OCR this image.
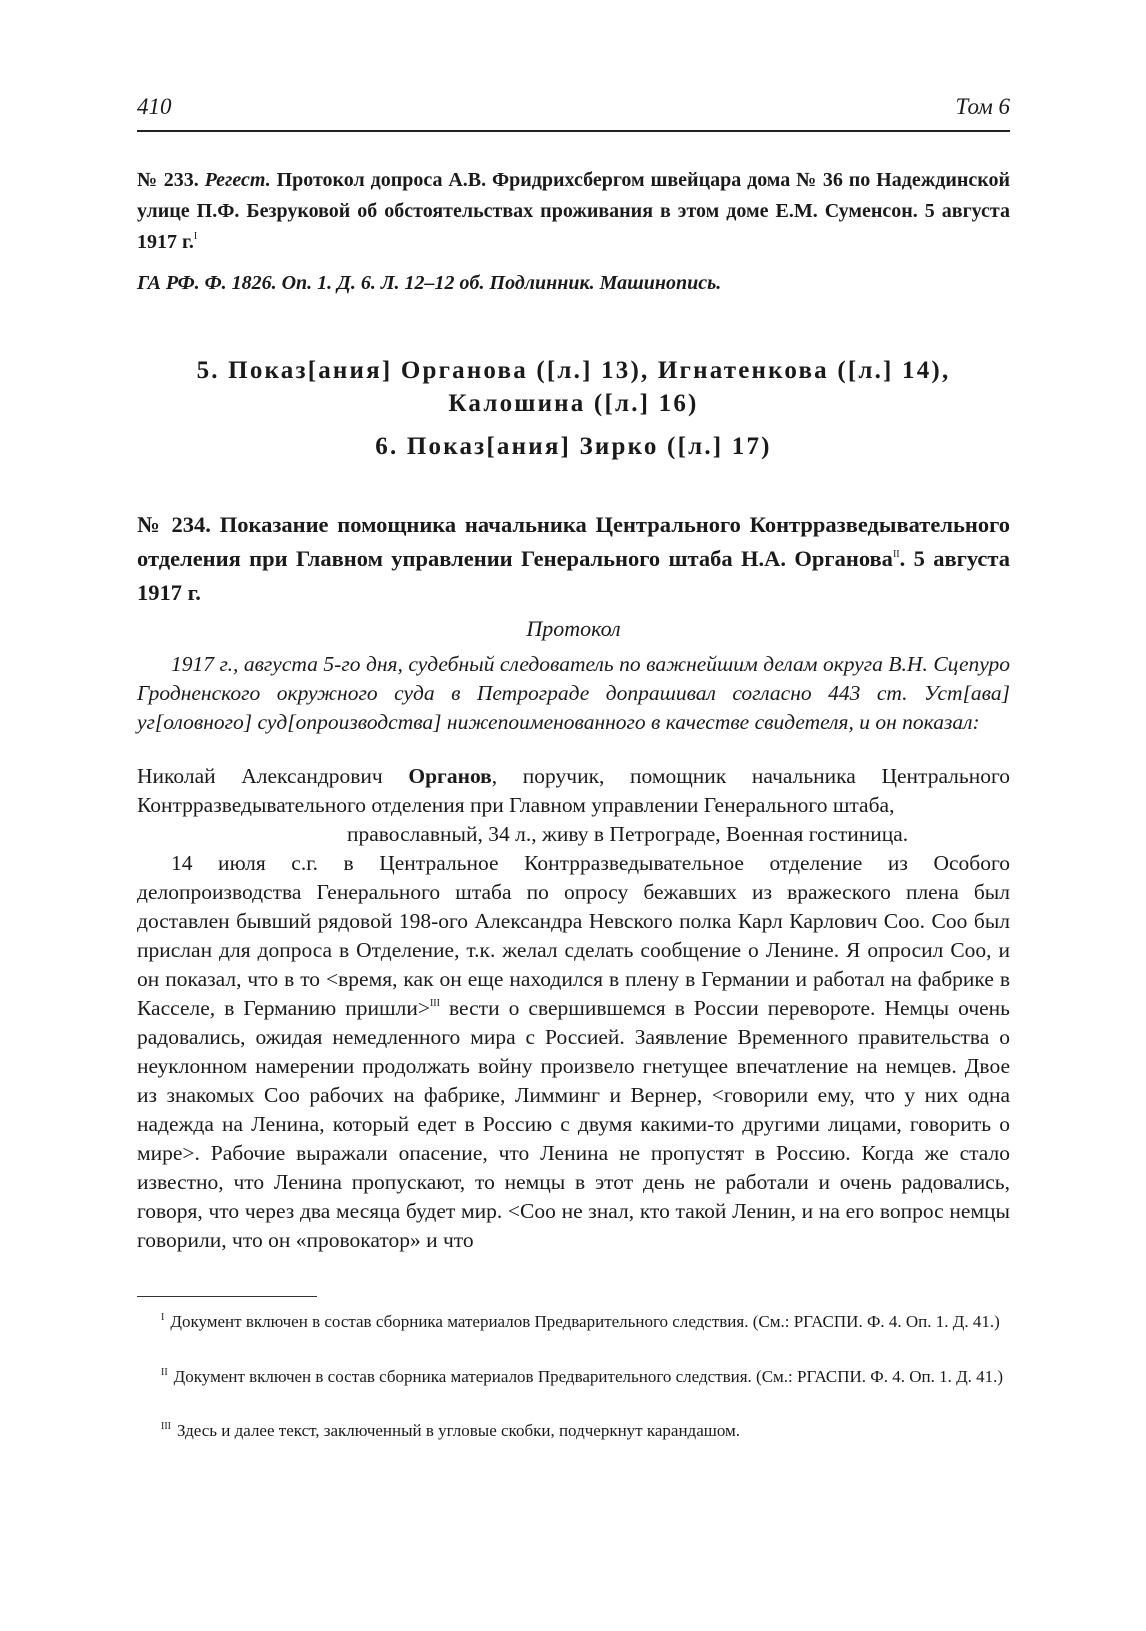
410	Том 6
№ 233. Регест. Протокол допроса А.В. Фридрихсбергом швейцара дома № 36 по Надеждинской улице П.Ф. Безруковой об обстоятельствах проживания в этом доме Е.М. Суменсон. 5 августа 1917 г.$^I$
ГА РФ. Ф. 1826. Оп. 1. Д. 6. Л. 12–12 об. Подлинник. Машинопись.
5. Показ[ания] Органова ([л.] 13), Игнатенкова ([л.] 14),
Калошина ([л.] 16)
6. Показ[ания] Зирко ([л.] 17)
№ 234. Показание помощника начальника Центрального Контрразведывательного отделения при Главном управлении Генерального штаба Н.А. Органова$^{II}$. 5 августа 1917 г.
Протокол
1917 г., августа 5-го дня, судебный следователь по важнейшим делам округа В.Н. Сцепуро Гродненского окружного суда в Петрограде допрашивал согласно 443 ст. Уст[ава] уг[оловного] суд[опроизводства] нижепоименованного в качестве свидетеля, и он показал:
Николай Александрович Органов, поручик, помощник начальника Центрального Контрразведывательного отделения при Главном управлении Генерального штаба,
православный, 34 л., живу в Петрограде, Военная гостиница.
14 июля с.г. в Центральное Контрразведывательное отделение из Особого делопроизводства Генерального штаба по опросу бежавших из вражеского плена был доставлен бывший рядовой 198-ого Александра Невского полка Карл Карлович Соо. Соо был прислан для допроса в Отделение, т.к. желал сделать сообщение о Ленине. Я опросил Соо, и он показал, что в то <время, как он еще находился в плену в Германии и работал на фабрике в Касселе, в Германию пришли>$^{III}$ вести о свершившемся в России перевороте. Немцы очень радовались, ожидая немедленного мира с Россией. Заявление Временного правительства о неуклонном намерении продолжать войну произвело гнетущее впечатление на немцев. Двое из знакомых Соо рабочих на фабрике, Лимминг и Вернер, <говорили ему, что у них одна надежда на Ленина, который едет в Россию с двумя какими-то другими лицами, говорить о мире>. Рабочие выражали опасение, что Ленина не пропустят в Россию. Когда же стало известно, что Ленина пропускают, то немцы в этот день не работали и очень радовались, говоря, что через два месяца будет мир. <Соо не знал, кто такой Ленин, и на его вопрос немцы говорили, что он «провокатор» и что
$^I$ Документ включен в состав сборника материалов Предварительного следствия. (См.: РГАСПИ. Ф. 4. Оп. 1. Д. 41.)
$^{II}$ Документ включен в состав сборника материалов Предварительного следствия. (См.: РГАСПИ. Ф. 4. Оп. 1. Д. 41.)
$^{III}$ Здесь и далее текст, заключенный в угловые скобки, подчеркнут карандашом.
